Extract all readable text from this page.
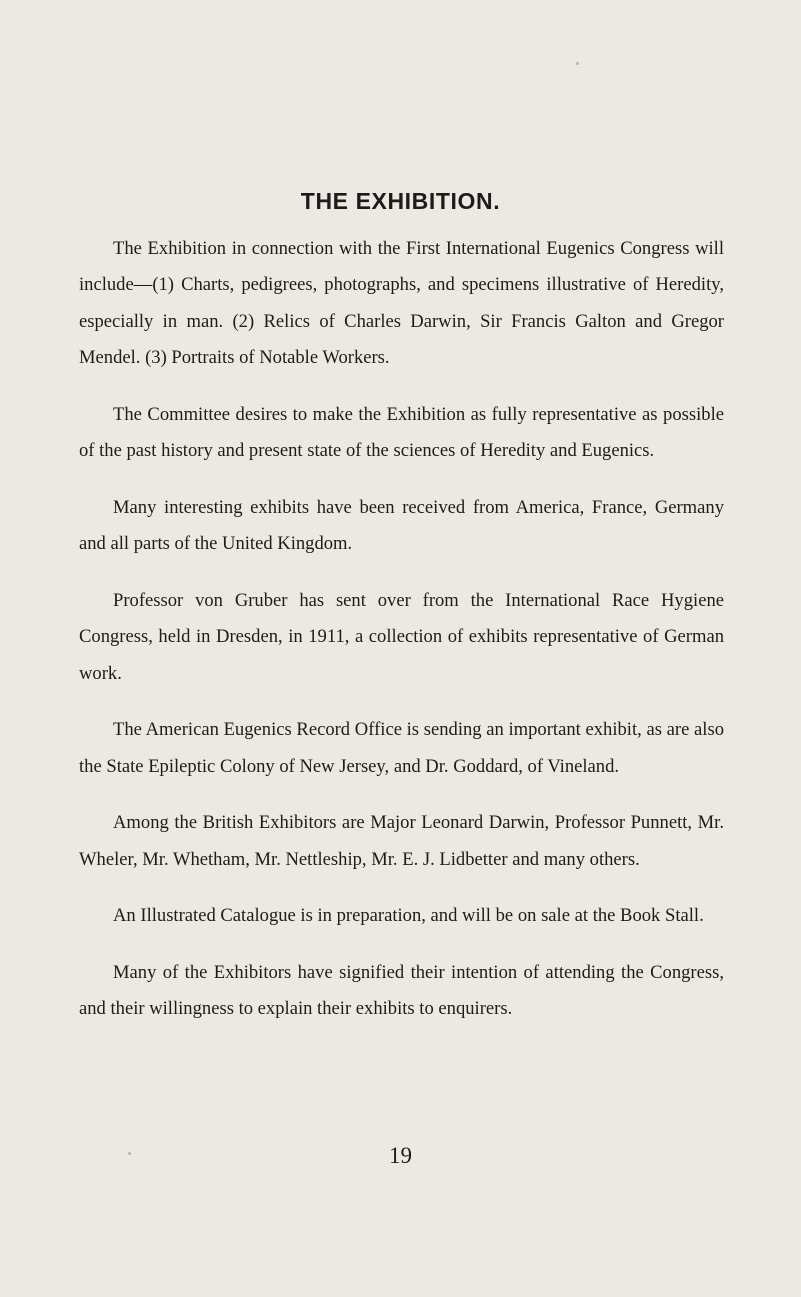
THE EXHIBITION.

The Exhibition in connection with the First International Eugenics Congress will include—(1) Charts, pedigrees, photographs, and specimens illustrative of Heredity, especially in man. (2) Relics of Charles Darwin, Sir Francis Galton and Gregor Mendel. (3) Portraits of Notable Workers.

The Committee desires to make the Exhibition as fully representative as possible of the past history and present state of the sciences of Heredity and Eugenics.

Many interesting exhibits have been received from America, France, Germany and all parts of the United Kingdom.

Professor von Gruber has sent over from the International Race Hygiene Congress, held in Dresden, in 1911, a collection of exhibits representative of German work.

The American Eugenics Record Office is sending an important exhibit, as are also the State Epileptic Colony of New Jersey, and Dr. Goddard, of Vineland.

Among the British Exhibitors are Major Leonard Darwin, Professor Punnett, Mr. Wheler, Mr. Whetham, Mr. Nettleship, Mr. E. J. Lidbetter and many others.

An Illustrated Catalogue is in preparation, and will be on sale at the Book Stall.

Many of the Exhibitors have signified their intention of attending the Congress, and their willingness to explain their exhibits to enquirers.

19
